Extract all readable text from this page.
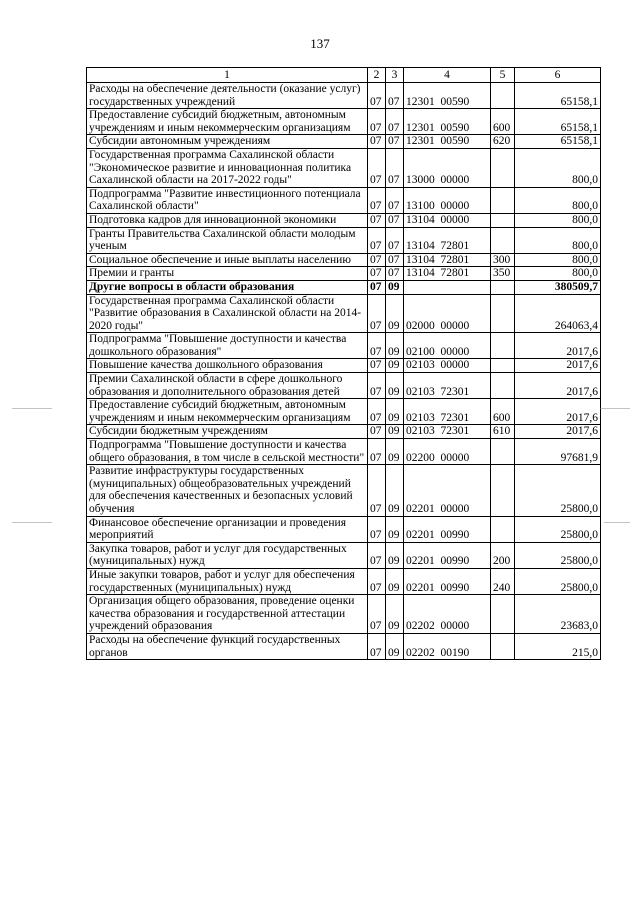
137
1	2	3	4	5	6
Расходы на обеспечение деятельности (оказание услуг) государственных учреждений	07	07	12301  00590		65158,1
Предоставление субсидий бюджетным, автономным учреждениям и иным некоммерческим организациям	07	07	12301  00590	600	65158,1
Субсидии автономным учреждениям	07	07	12301  00590	620	65158,1
Государственная программа Сахалинской области "Экономическое развитие и инновационная политика Сахалинской области на 2017-2022 годы"	07	07	13000  00000		800,0
Подпрограмма "Развитие инвестиционного потенциала Сахалинской области"	07	07	13100  00000		800,0
Подготовка кадров для инновационной экономики	07	07	13104  00000		800,0
Гранты Правительства Сахалинской области молодым ученым	07	07	13104  72801		800,0
Социальное обеспечение и иные выплаты населению	07	07	13104  72801	300	800,0
Премии и гранты	07	07	13104  72801	350	800,0
Другие вопросы в области образования	07	09			380509,7
Государственная программа Сахалинской области "Развитие образования в Сахалинской области на 2014-2020 годы"	07	09	02000  00000		264063,4
Подпрограмма "Повышение доступности и качества дошкольного образования"	07	09	02100  00000		2017,6
Повышение качества дошкольного образования	07	09	02103  00000		2017,6
Премии Сахалинской области в сфере дошкольного образования и дополнительного образования детей	07	09	02103  72301		2017,6
Предоставление субсидий бюджетным, автономным учреждениям и иным некоммерческим организациям	07	09	02103  72301	600	2017,6
Субсидии бюджетным учреждениям	07	09	02103  72301	610	2017,6
Подпрограмма "Повышение доступности и качества общего образования, в том числе в сельской местности"	07	09	02200  00000		97681,9
Развитие инфраструктуры государственных (муниципальных) общеобразовательных учреждений для обеспечения качественных и безопасных условий обучения	07	09	02201  00000		25800,0
Финансовое обеспечение организации и проведения мероприятий	07	09	02201  00990		25800,0
Закупка товаров, работ и услуг для государственных (муниципальных) нужд	07	09	02201  00990	200	25800,0
Иные закупки товаров, работ и услуг для обеспечения государственных (муниципальных) нужд	07	09	02201  00990	240	25800,0
Организация общего образования, проведение оценки качества образования и государственной аттестации учреждений образования	07	09	02202  00000		23683,0
Расходы на обеспечение функций государственных органов	07	09	02202  00190		215,0
